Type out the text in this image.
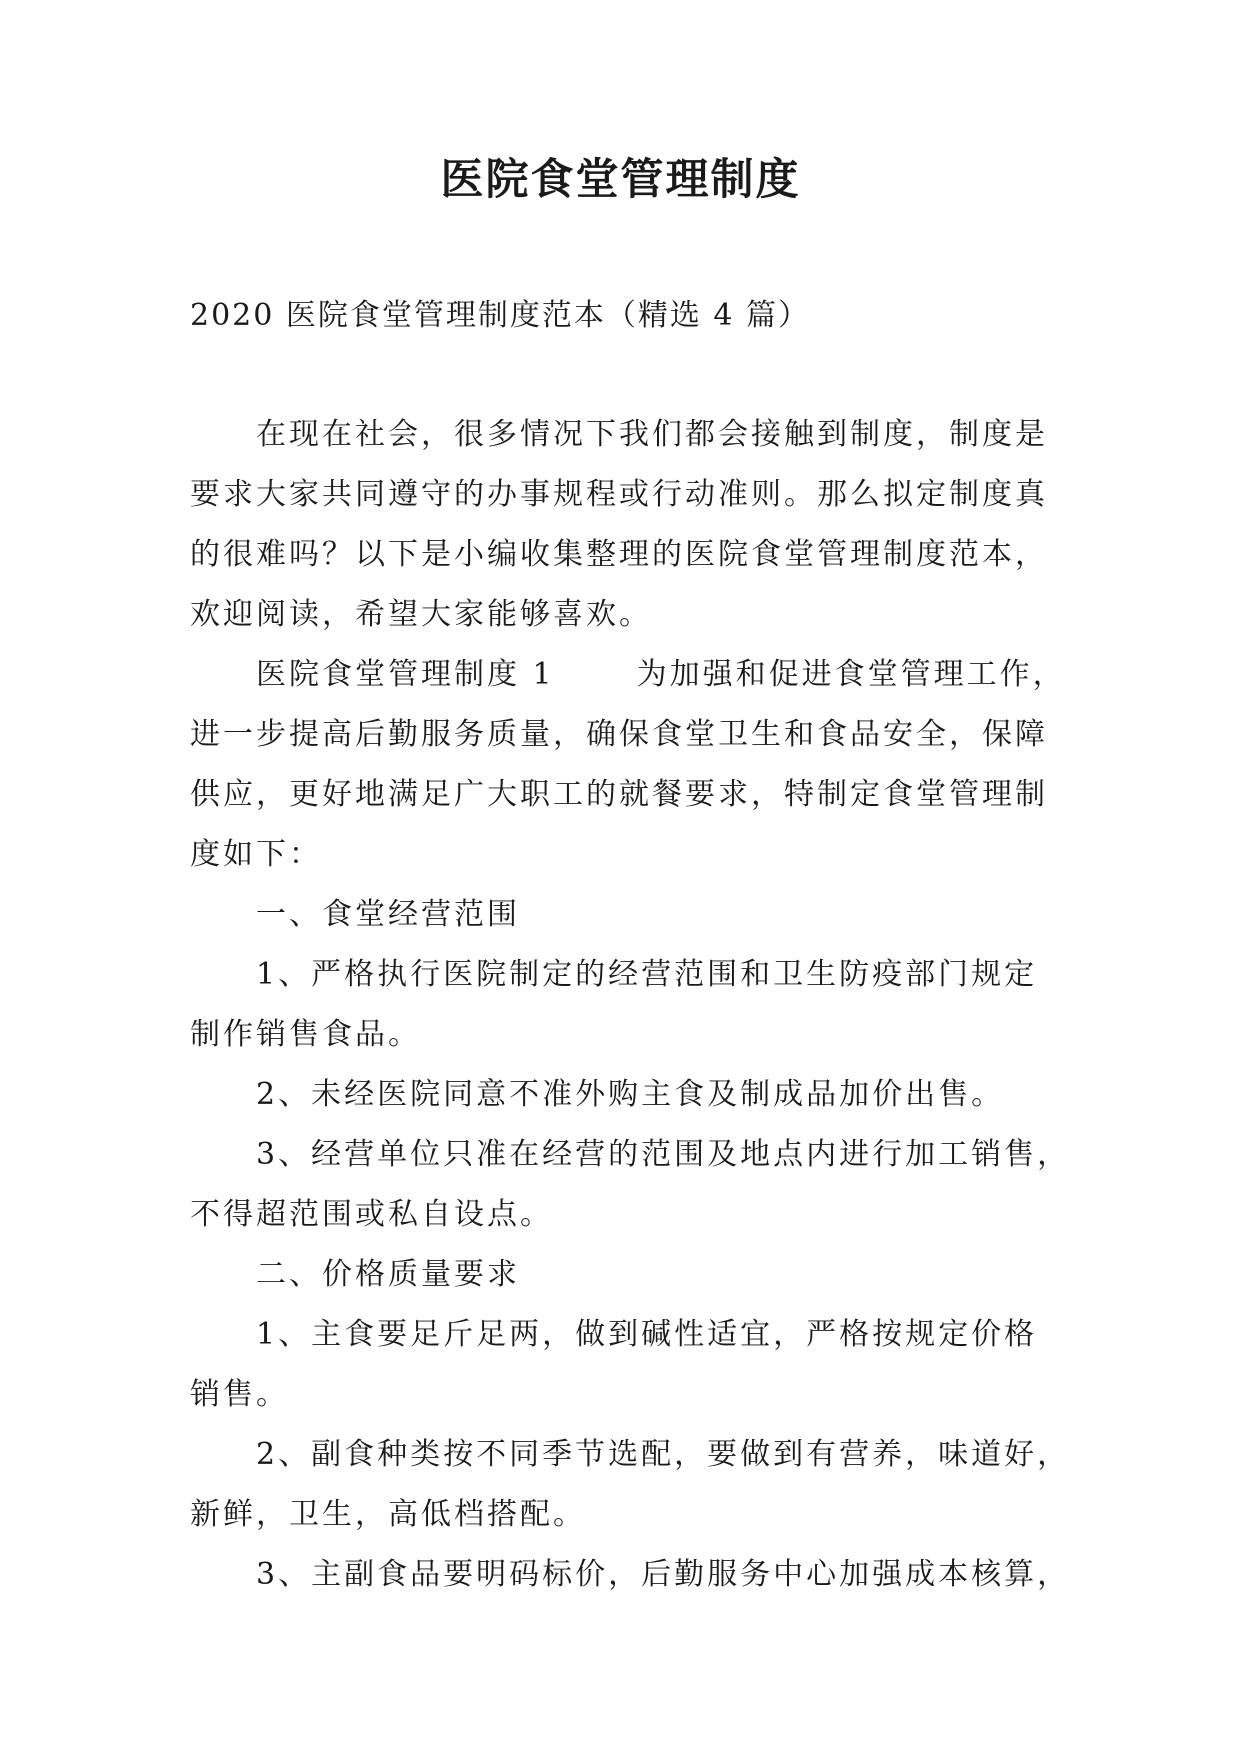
医院食堂管理制度

2020 医院食堂管理制度范本（精选 4 篇）

在现在社会，很多情况下我们都会接触到制度，制度是

要求大家共同遵守的办事规程或行动准则。那么拟定制度真

的很难吗？以下是小编收集整理的医院食堂管理制度范本，

欢迎阅读，希望大家能够喜欢。

医院食堂管理制度 1	为加强和促进食堂管理工作，

进一步提高后勤服务质量，确保食堂卫生和食品安全，保障

供应，更好地满足广大职工的就餐要求，特制定食堂管理制

度如下：

一、食堂经营范围

1、严格执行医院制定的经营范围和卫生防疫部门规定

制作销售食品。

2、未经医院同意不准外购主食及制成品加价出售。

3、经营单位只准在经营的范围及地点内进行加工销售，

不得超范围或私自设点。

二、价格质量要求

1、主食要足斤足两，做到碱性适宜，严格按规定价格

销售。

2、副食种类按不同季节选配，要做到有营养，味道好，

新鲜，卫生，高低档搭配。

3、主副食品要明码标价，后勤服务中心加强成本核算，
